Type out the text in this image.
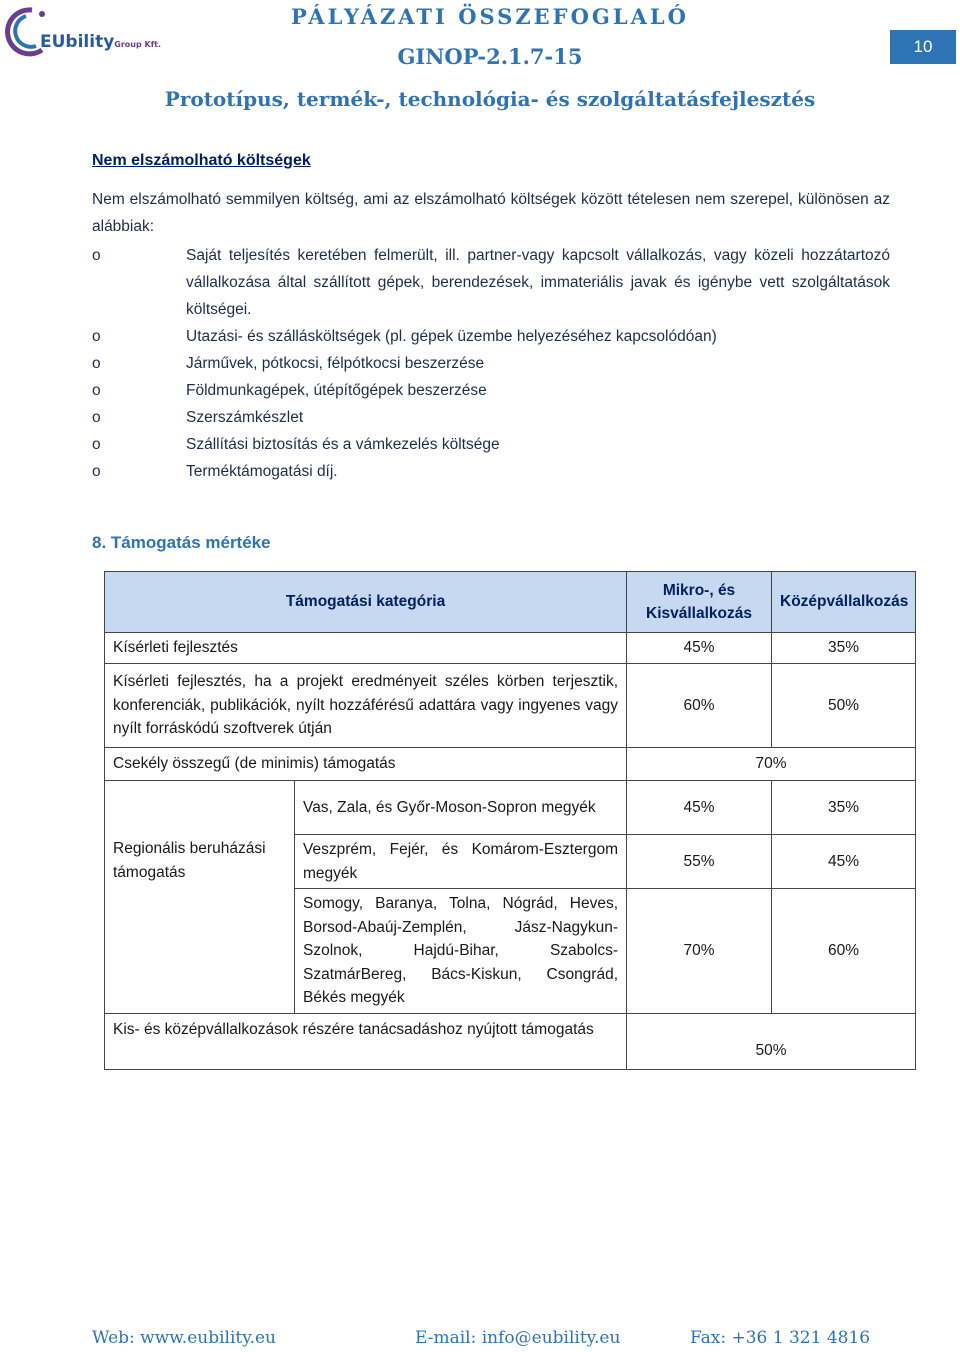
EUbilityGroup Kft.
PÁLYÁZATI ÖSSZEFOGLALÓ
GINOP-2.1.7-15	10
Prototípus, termék-, technológia- és szolgáltatásfejlesztés
Nem elszámolható költségek
Nem elszámolható semmilyen költség, ami az elszámolható költségek között tételesen nem szerepel, különösen az alábbiak:
o	Saját teljesítés keretében felmerült, ill. partner-vagy kapcsolt vállalkozás, vagy közeli hozzátartozó vállalkozása által szállított gépek, berendezések, immateriális javak és igénybe vett szolgáltatások költségei.
o	Utazási- és szállásköltségek (pl. gépek üzembe helyezéséhez kapcsolódóan)
o	Járművek, pótkocsi, félpótkocsi beszerzése
o	Földmunkagépek, útépítőgépek beszerzése
o	Szerszámkészlet
o	Szállítási biztosítás és a vámkezelés költsége
o	Terméktámogatási díj.
8. Támogatás mértéke
Támogatási kategória		Mikro-, és Kisvállalkozás	Középvállalkozás
Kísérleti fejlesztés		45%	35%
Kísérleti fejlesztés, ha a projekt eredményeit széles körben terjesztik, konferenciák, publikációk, nyílt hozzáférésű adattára vagy ingyenes vagy nyílt forráskódú szoftverek útján		60%	50%
Csekély összegű (de minimis) támogatás		70%	
Regionális beruházási támogatás	Vas, Zala, és Győr-Moson-Sopron megyék	45%	35%
	Veszprém, Fejér, és Komárom-Esztergom megyék	55%	45%
	Somogy, Baranya, Tolna, Nógrád, Heves, Borsod-Abaúj-Zemplén, Jász-Nagykun-Szolnok, Hajdú-Bihar, Szabolcs-SzatmárBereg, Bács-Kiskun, Csongrád, Békés megyék	70%	60%
Kis- és középvállalkozások részére tanácsadáshoz nyújtott támogatás		50%	
Web: www.eubility.eu	E-mail: info@eubility.eu	Fax: +36 1 321 4816
